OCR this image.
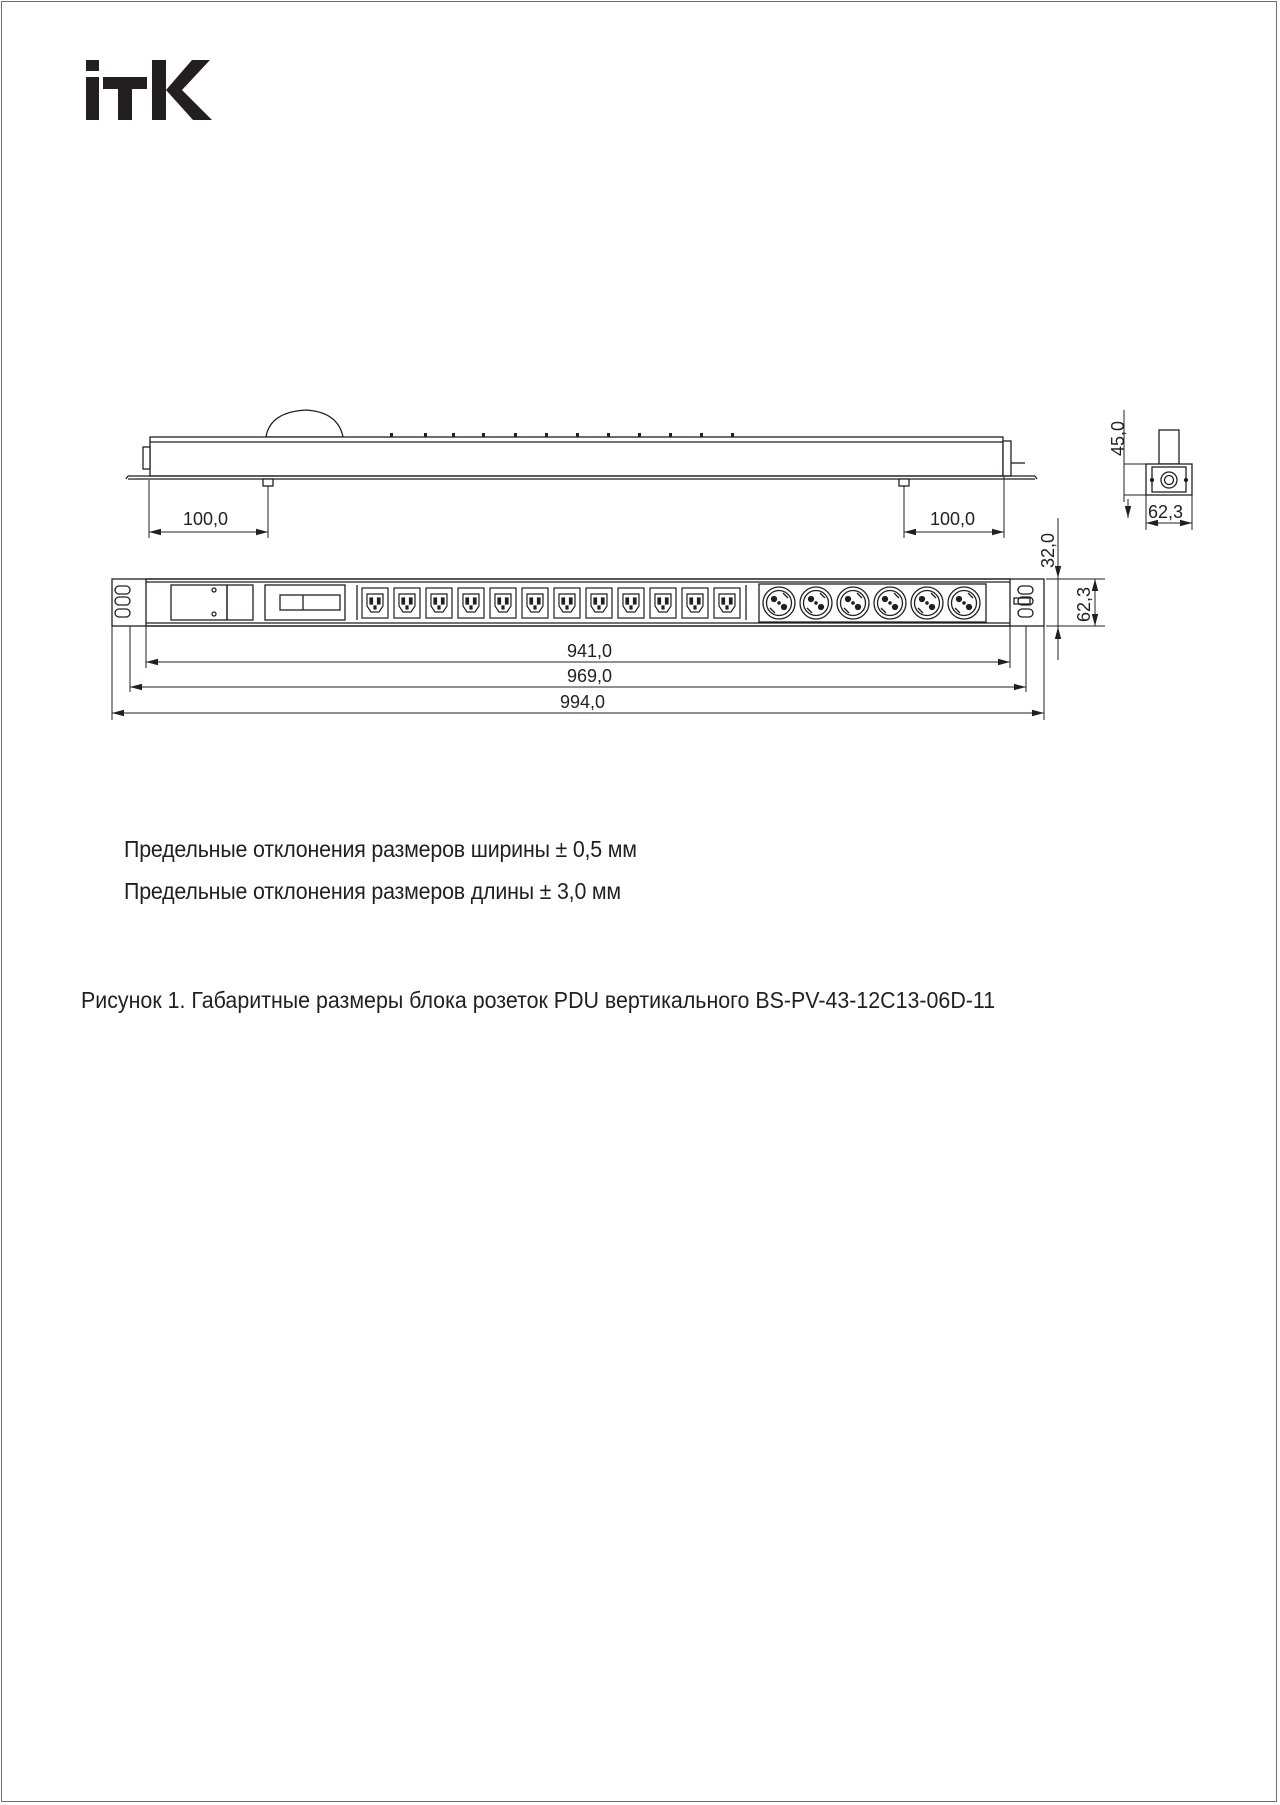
100,0	100,0
45,0
62,3
32,0
62,3
941,0
969,0
994,0
Предельные отклонения размеров ширины ± 0,5 мм
Предельные отклонения размеров длины ± 3,0 мм
Рисунок 1. Габаритные размеры блока розеток PDU вертикального BS-PV-43-12C13-06D-11
